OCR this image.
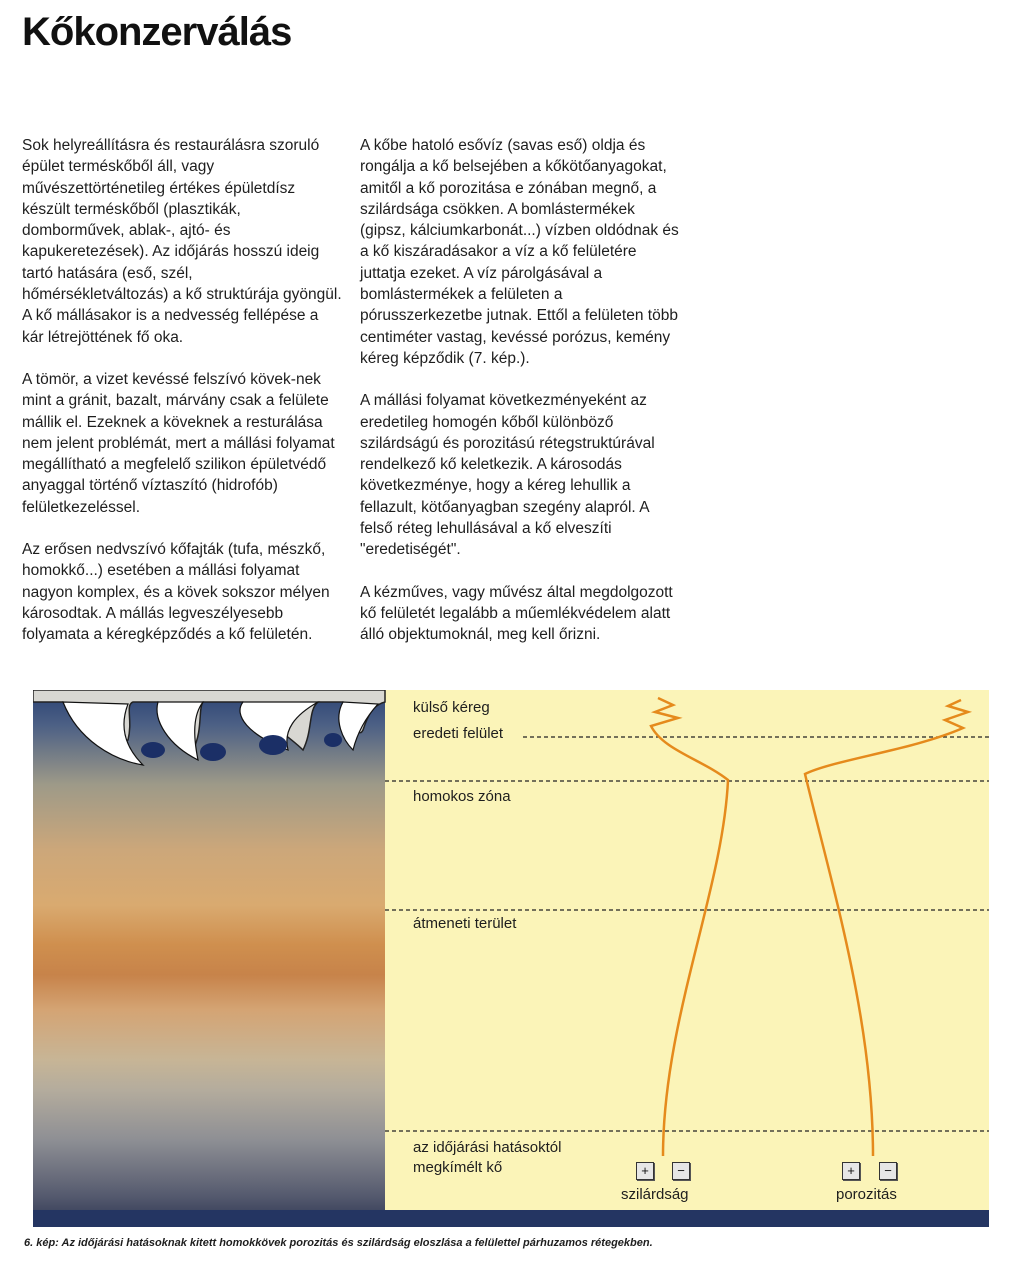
Kőkonzerválás

Sok helyreállításra és restaurálásra szoruló épület terméskőből áll, vagy művészettörténetileg értékes épületdísz készült terméskőből (plasztikák, domborművek, ablak-, ajtó- és kapukeretezések). Az időjárás hosszú ideig tartó hatására (eső, szél, hőmérsékletváltozás) a kő struktúrája gyöngül. A kő mállásakor is a nedvesség fellépése a kár létrejöttének fő oka.

A tömör, a vizet kevéssé felszívó kövek-nek mint a gránit, bazalt, márvány csak a felülete mállik el. Ezeknek a köveknek a resturálása nem jelent problémát, mert a mállási folyamat megállítható a megfelelő szilikon épületvédő anyaggal történő víztaszító (hidrofób) felületkezeléssel.

Az erősen nedvszívó kőfajták (tufa, mészkő, homokkő...) esetében a mállási folyamat nagyon komplex, és a kövek sokszor mélyen károsodtak. A mállás legveszélyesebb folyamata a kéregképződés a kő felületén.

A kőbe hatoló esővíz (savas eső) oldja és rongálja a kő belsejében a kőkötőanyagokat, amitől a kő porozitása e zónában megnő, a szilárdsága csökken. A bomlástermékek (gipsz, kálciumkarbonát...) vízben oldódnak és a kő kiszáradásakor a víz a kő felületére juttatja ezeket. A víz párolgásával a bomlástermékek a felületen a pórusszerkezetbe jutnak. Ettől a felületen több centiméter vastag, kevéssé porózus, kemény kéreg képződik (7. kép.).

A mállási folyamat következményeként az eredetileg homogén kőből különböző szilárdságú és porozitású rétegstruktúrával rendelkező kő keletkezik. A károsodás következménye, hogy a kéreg lehullik a fellazult, kötőanyagban szegény alapról. A felső réteg lehullásával a kő elveszíti "eredetiségét".

A kézműves, vagy művész által megdolgozott kő felületét legalább a műemlékvédelem alatt álló objektumoknál, meg kell őrizni.

külső kéreg
eredeti felület
homokos zóna
átmeneti terület
az időjárási hatásoktól
megkímélt kő	+	−	+	−
szilárdság	porozitás
6. kép: Az időjárási hatásoknak kitett homokkövek porozitás és szilárdság eloszlása a felülettel párhuzamos rétegekben.
